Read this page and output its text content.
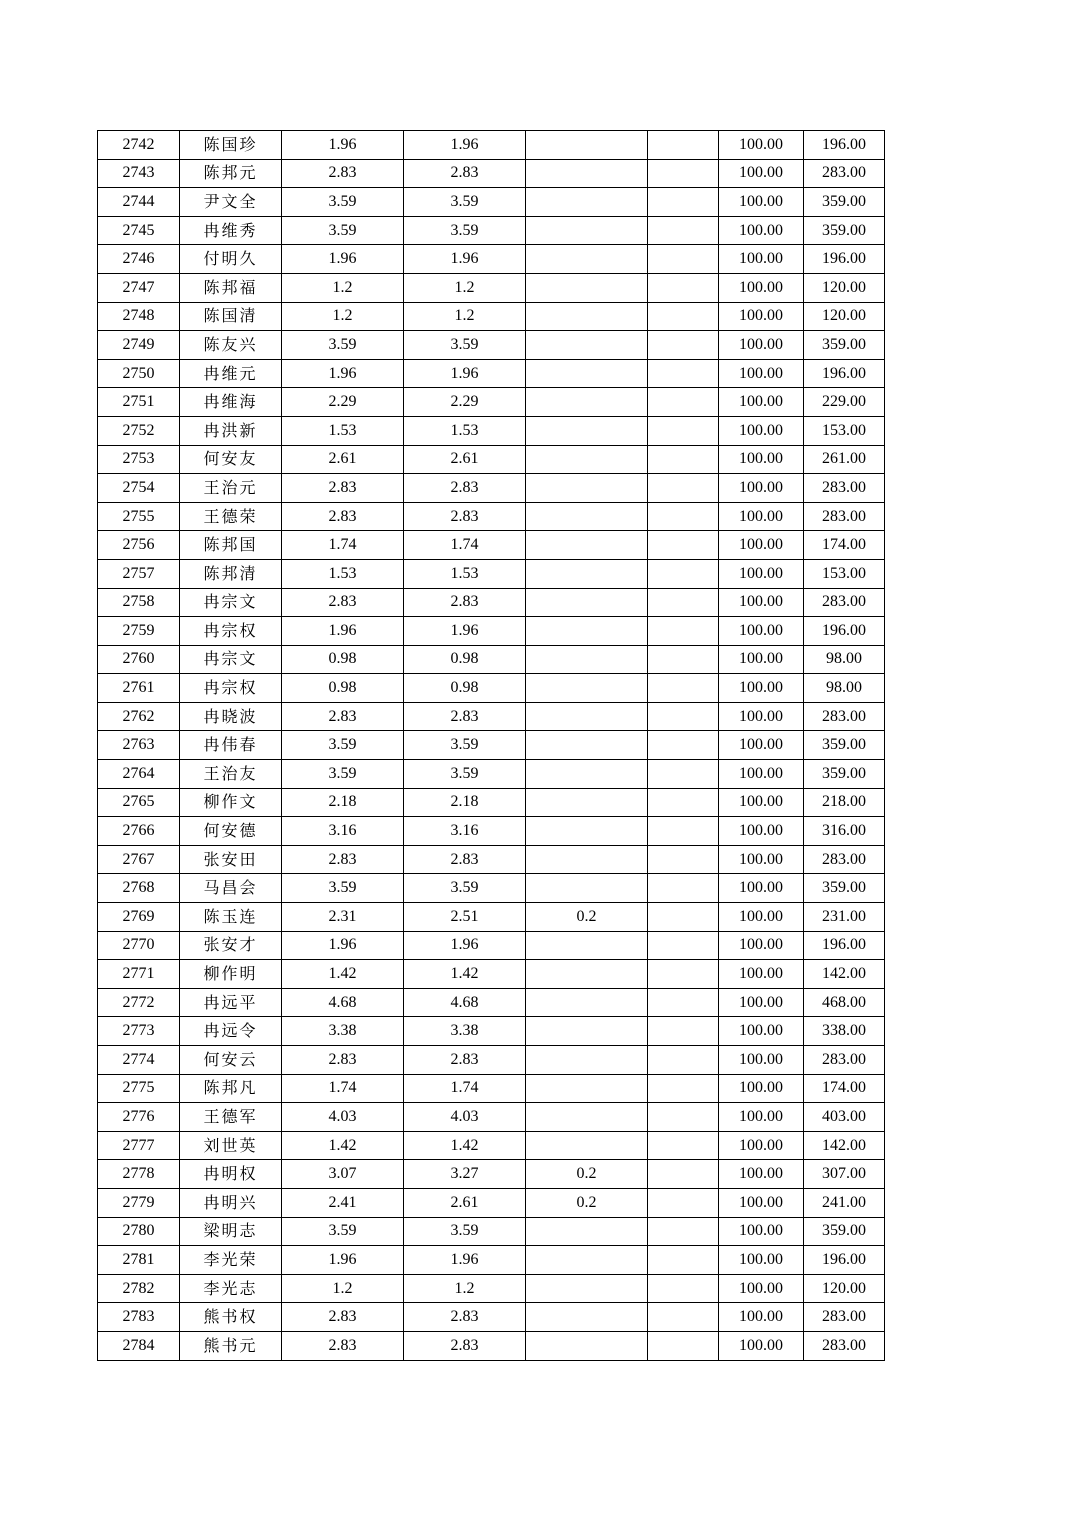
2742	陈国珍	1.96	1.96			100.00	196.00
2743	陈邦元	2.83	2.83			100.00	283.00
2744	尹文全	3.59	3.59			100.00	359.00
2745	冉维秀	3.59	3.59			100.00	359.00
2746	付明久	1.96	1.96			100.00	196.00
2747	陈邦福	1.2	1.2			100.00	120.00
2748	陈国清	1.2	1.2			100.00	120.00
2749	陈友兴	3.59	3.59			100.00	359.00
2750	冉维元	1.96	1.96			100.00	196.00
2751	冉维海	2.29	2.29			100.00	229.00
2752	冉洪新	1.53	1.53			100.00	153.00
2753	何安友	2.61	2.61			100.00	261.00
2754	王治元	2.83	2.83			100.00	283.00
2755	王德荣	2.83	2.83			100.00	283.00
2756	陈邦国	1.74	1.74			100.00	174.00
2757	陈邦清	1.53	1.53			100.00	153.00
2758	冉宗文	2.83	2.83			100.00	283.00
2759	冉宗权	1.96	1.96			100.00	196.00
2760	冉宗文	0.98	0.98			100.00	98.00
2761	冉宗权	0.98	0.98			100.00	98.00
2762	冉晓波	2.83	2.83			100.00	283.00
2763	冉伟春	3.59	3.59			100.00	359.00
2764	王治友	3.59	3.59			100.00	359.00
2765	柳作文	2.18	2.18			100.00	218.00
2766	何安德	3.16	3.16			100.00	316.00
2767	张安田	2.83	2.83			100.00	283.00
2768	马昌会	3.59	3.59			100.00	359.00
2769	陈玉连	2.31	2.51	0.2		100.00	231.00
2770	张安才	1.96	1.96			100.00	196.00
2771	柳作明	1.42	1.42			100.00	142.00
2772	冉远平	4.68	4.68			100.00	468.00
2773	冉远令	3.38	3.38			100.00	338.00
2774	何安云	2.83	2.83			100.00	283.00
2775	陈邦凡	1.74	1.74			100.00	174.00
2776	王德军	4.03	4.03			100.00	403.00
2777	刘世英	1.42	1.42			100.00	142.00
2778	冉明权	3.07	3.27	0.2		100.00	307.00
2779	冉明兴	2.41	2.61	0.2		100.00	241.00
2780	梁明志	3.59	3.59			100.00	359.00
2781	李光荣	1.96	1.96			100.00	196.00
2782	李光志	1.2	1.2			100.00	120.00
2783	熊书权	2.83	2.83			100.00	283.00
2784	熊书元	2.83	2.83			100.00	283.00
